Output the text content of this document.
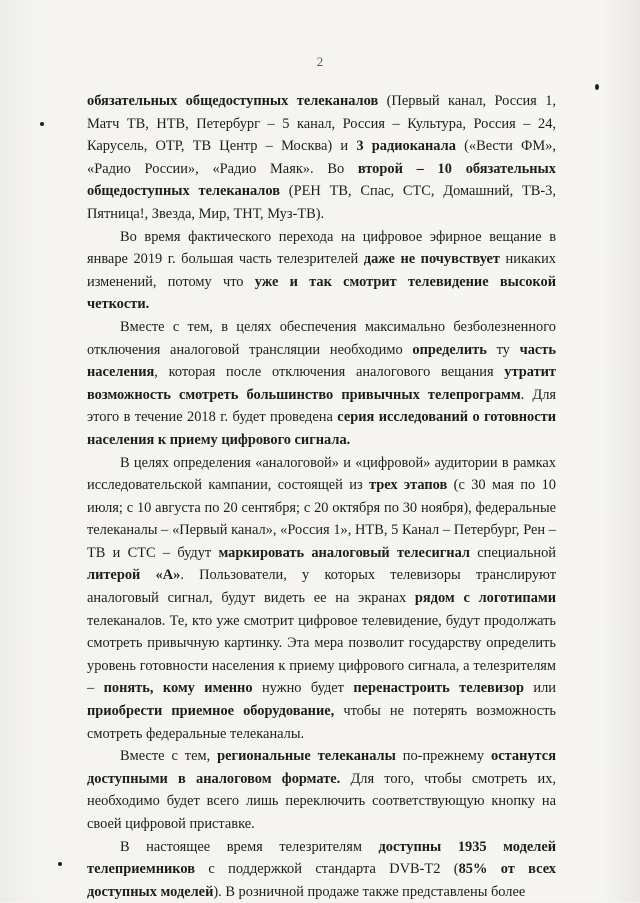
2

обязательных общедоступных телеканалов (Первый канал, Россия 1, Матч ТВ, НТВ, Петербург – 5 канал, Россия – Культура, Россия – 24, Карусель, ОТР, ТВ Центр – Москва) и 3 радиоканала («Вести ФМ», «Радио России», «Радио Маяк». Во второй – 10 обязательных общедоступных телеканалов (РЕН ТВ, Спас, СТС, Домашний, ТВ-3, Пятница!, Звезда, Мир, ТНТ, Муз-ТВ).

Во время фактического перехода на цифровое эфирное вещание в январе 2019 г. большая часть телезрителей даже не почувствует никаких изменений, потому что уже и так смотрит телевидение высокой четкости.

Вместе с тем, в целях обеспечения максимально безболезненного отключения аналоговой трансляции необходимо определить ту часть населения, которая после отключения аналогового вещания утратит возможность смотреть большинство привычных телепрограмм. Для этого в течение 2018 г. будет проведена серия исследований о готовности населения к приему цифрового сигнала.

В целях определения «аналоговой» и «цифровой» аудитории в рамках исследовательской кампании, состоящей из трех этапов (с 30 мая по 10 июля; с 10 августа по 20 сентября; с 20 октября по 30 ноября), федеральные телеканалы – «Первый канал», «Россия 1», НТВ, 5 Канал – Петербург, Рен – ТВ и СТС – будут маркировать аналоговый телесигнал специальной литерой «А». Пользователи, у которых телевизоры транслируют аналоговый сигнал, будут видеть ее на экранах рядом с логотипами телеканалов. Те, кто уже смотрит цифровое телевидение, будут продолжать смотреть привычную картинку. Эта мера позволит государству определить уровень готовности населения к приему цифрового сигнала, а телезрителям – понять, кому именно нужно будет перенастроить телевизор или приобрести приемное оборудование, чтобы не потерять возможность смотреть федеральные телеканалы.

Вместе с тем, региональные телеканалы по-прежнему останутся доступными в аналоговом формате. Для того, чтобы смотреть их, необходимо будет всего лишь переключить соответствующую кнопку на своей цифровой приставке.

В настоящее время телезрителям доступны 1935 моделей телеприемников с поддержкой стандарта DVB-T2 (85% от всех доступных моделей). В розничной продаже также представлены более
